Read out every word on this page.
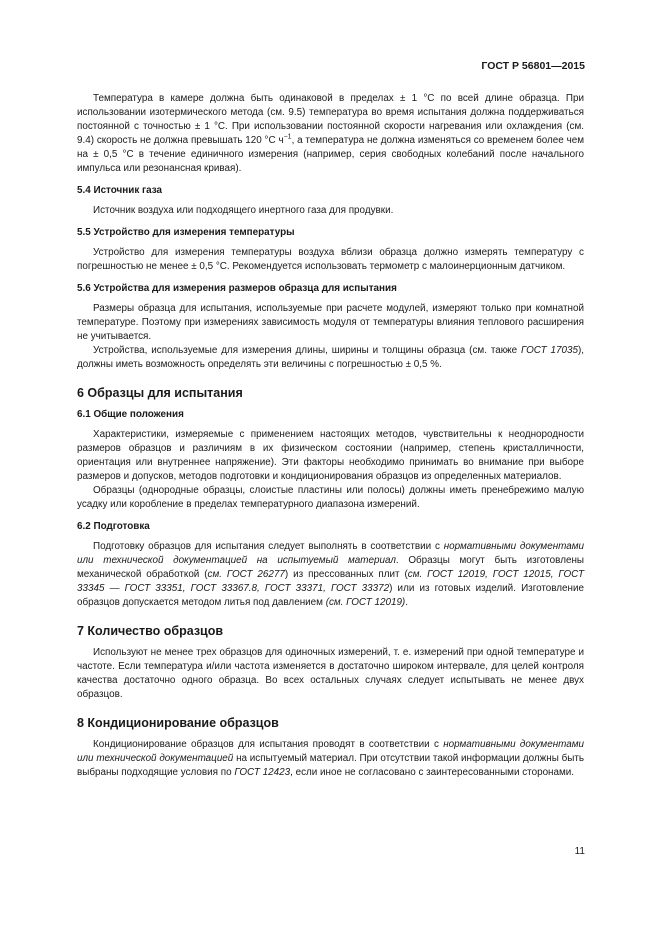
ГОСТ Р 56801—2015

Температура в камере должна быть одинаковой в пределах ± 1 °С по всей длине образца. При использовании изотермического метода (см. 9.5) температура во время испытания должна поддерживаться постоянной с точностью ± 1 °С. При использовании постоянной скорости нагревания или охлаждения (см. 9.4) скорость не должна превышать 120 °С $ч^{-1}$, а температура не должна изменяться со временем более чем на ± 0,5 °С в течение единичного измерения (например, серия свободных колебаний после начального импульса или резонансная кривая).

5.4 Источник газа

Источник воздуха или подходящего инертного газа для продувки.

5.5 Устройство для измерения температуры

Устройство для измерения температуры воздуха вблизи образца должно измерять температуру с погрешностью не менее ± 0,5 °С. Рекомендуется использовать термометр с малоинерционным датчиком.

5.6 Устройства для измерения размеров образца для испытания

Размеры образца для испытания, используемые при расчете модулей, измеряют только при комнатной температуре. Поэтому при измерениях зависимость модуля от температуры влияния теплового расширения не учитывается.

Устройства, используемые для измерения длины, ширины и толщины образца (см. также ГОСТ 17035), должны иметь возможность определять эти величины с погрешностью ± 0,5 %.

6 Образцы для испытания
6.1 Общие положения

Характеристики, измеряемые с применением настоящих методов, чувствительны к неоднородности размеров образцов и различиям в их физическом состоянии (например, степень кристалличности, ориентация или внутреннее напряжение). Эти факторы необходимо принимать во внимание при выборе размеров и допусков, методов подготовки и кондиционирования образцов из определенных материалов.

Образцы (однородные образцы, слоистые пластины или полосы) должны иметь пренебрежимо малую усадку или коробление в пределах температурного диапазона измерений.

6.2 Подготовка

Подготовку образцов для испытания следует выполнять в соответствии с нормативными документами или технической документацией на испытуемый материал. Образцы могут быть изготовлены механической обработкой (см. ГОСТ 26277) из прессованных плит (см. ГОСТ 12019, ГОСТ 12015, ГОСТ 33345 — ГОСТ 33351, ГОСТ 33367.8, ГОСТ 33371, ГОСТ 33372) или из готовых изделий. Изготовление образцов допускается методом литья под давлением (см. ГОСТ 12019).

7 Количество образцов

Используют не менее трех образцов для одиночных измерений, т. е. измерений при одной температуре и частоте. Если температура и/или частота изменяется в достаточно широком интервале, для целей контроля качества достаточно одного образца. Во всех остальных случаях следует испытывать не менее двух образцов.

8 Кондиционирование образцов

Кондиционирование образцов для испытания проводят в соответствии с нормативными документами или технической документацией на испытуемый материал. При отсутствии такой информации должны быть выбраны подходящие условия по ГОСТ 12423, если иное не согласовано с заинтересованными сторонами.

11
